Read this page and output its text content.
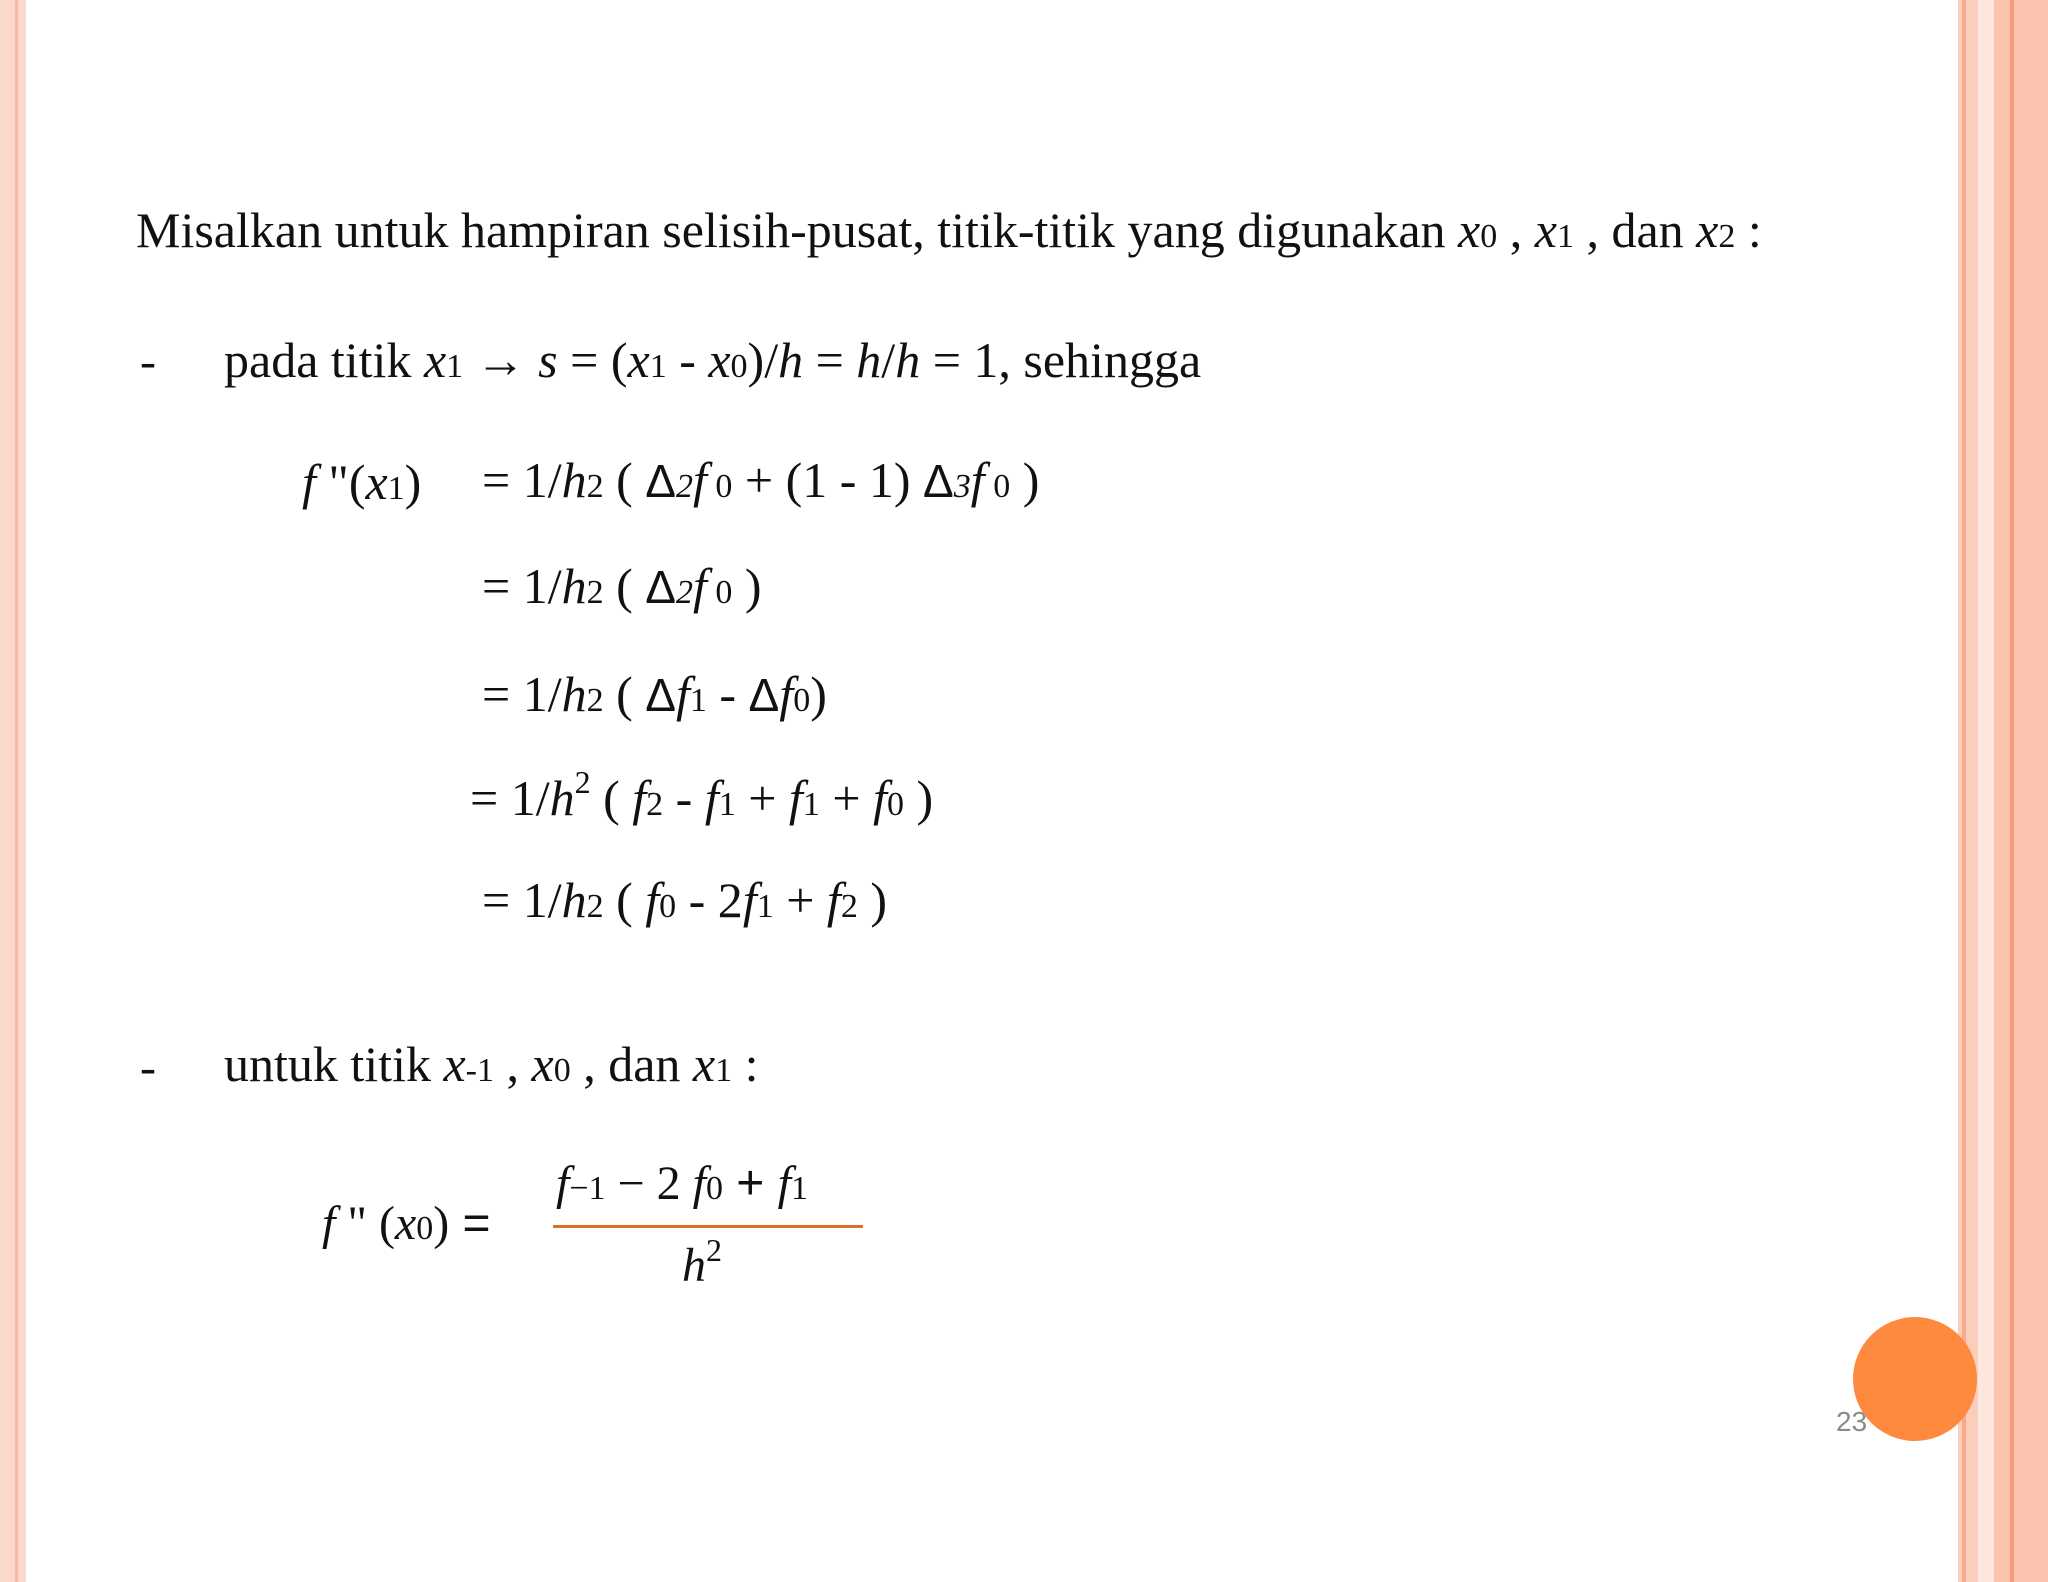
Misalkan untuk hampiran selisih-pusat, titik-titik yang digunakan x0 , x1 , dan x2 :
- pada titik x1 → s = (x1 - x0)/h = h/h = 1, sehingga
f "(x1) = 1/h2 ( Δ2f 0 + (1 - 1) Δ3f 0 )
= 1/h2 ( Δ2f 0 )
= 1/h2 ( Δf1 - Δf0)
= $1/h^2$ ( f2 - f1 + f1 + f0 )
= 1/h2 ( f0 - 2f1 + f2 )
- untuk titik x-1 , x0 , dan x1 :
f " (x0) =
f−1 − 2 f0 + f1
$h^2$
23
